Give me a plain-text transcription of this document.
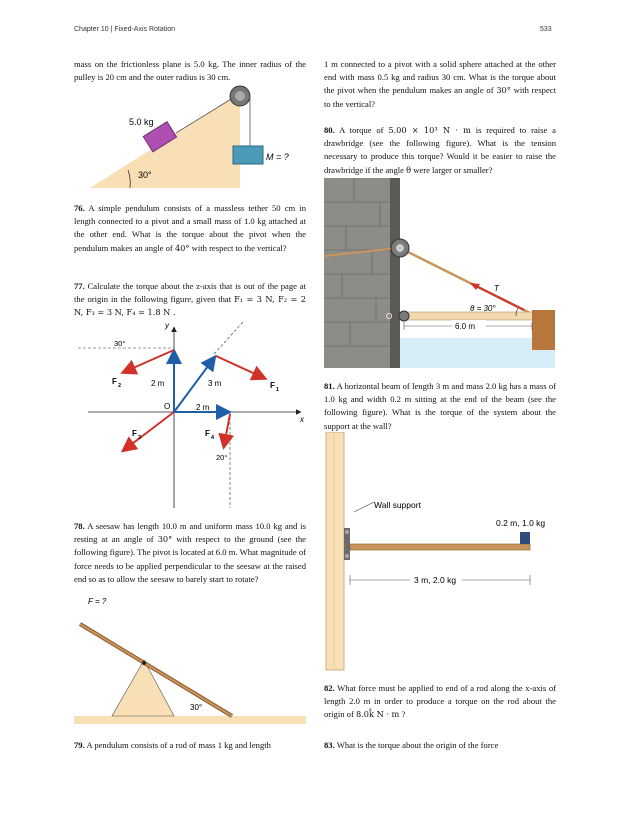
Chapter 10 | Fixed-Axis Rotation	533

mass on the frictionless plane is 5.0 kg. The inner radius of the pulley is 20 cm and the outer radius is 30 cm.

30°
5.0 kg
M = ?

76. A simple pendulum consists of a massless tether 50 cm in length connected to a pivot and a small mass of 1.0 kg attached at the other end. What is the torque about the pivot when the pendulum makes an angle of 40° with respect to the vertical?

77. Calculate the torque about the z-axis that is out of the page at the origin in the following figure, given that F₁ = 3 N, F₂ = 2 N, F₃ = 3 N, F₄ = 1.8 N .

y
x
O
30°
20°
2 m	3 m
2 m
F 2	F 1
F 3	F 4

78. A seesaw has length 10.0 m and uniform mass 10.0 kg and is resting at an angle of 30° with respect to the ground (see the following figure). The pivot is located at 6.0 m. What magnitude of force needs to be applied perpendicular to the seesaw at the raised end so as to allow the seesaw to barely start to rotate?

F = ?
30°

79. A pendulum consists of a rod of mass 1 kg and length

1 m connected to a pivot with a solid sphere attached at the other end with mass 0.5 kg and radius 30 cm. What is the torque about the pivot when the pendulum makes an angle of 30° with respect to the vertical?

80. A torque of 5.00 × 10³ N · m is required to raise a drawbridge (see the following figure). What is the tension necessary to produce this torque? Would it be easier to raise the drawbridge if the angle θ were larger or smaller?

6.0 m
T
θ = 30°
O

81. A horizontal beam of length 3 m and mass 2.0 kg has a mass of 1.0 kg and width 0.2 m sitting at the end of the beam (see the following figure). What is the torque of the system about the support at the wall?

Wall support
0.2 m, 1.0 kg
3 m, 2.0 kg

82. What force must be applied to end of a rod along the x-axis of length 2.0 m in order to produce a torque on the rod about the origin of 8.0k̂ N · m ?

83. What is the torque about the origin of the force
